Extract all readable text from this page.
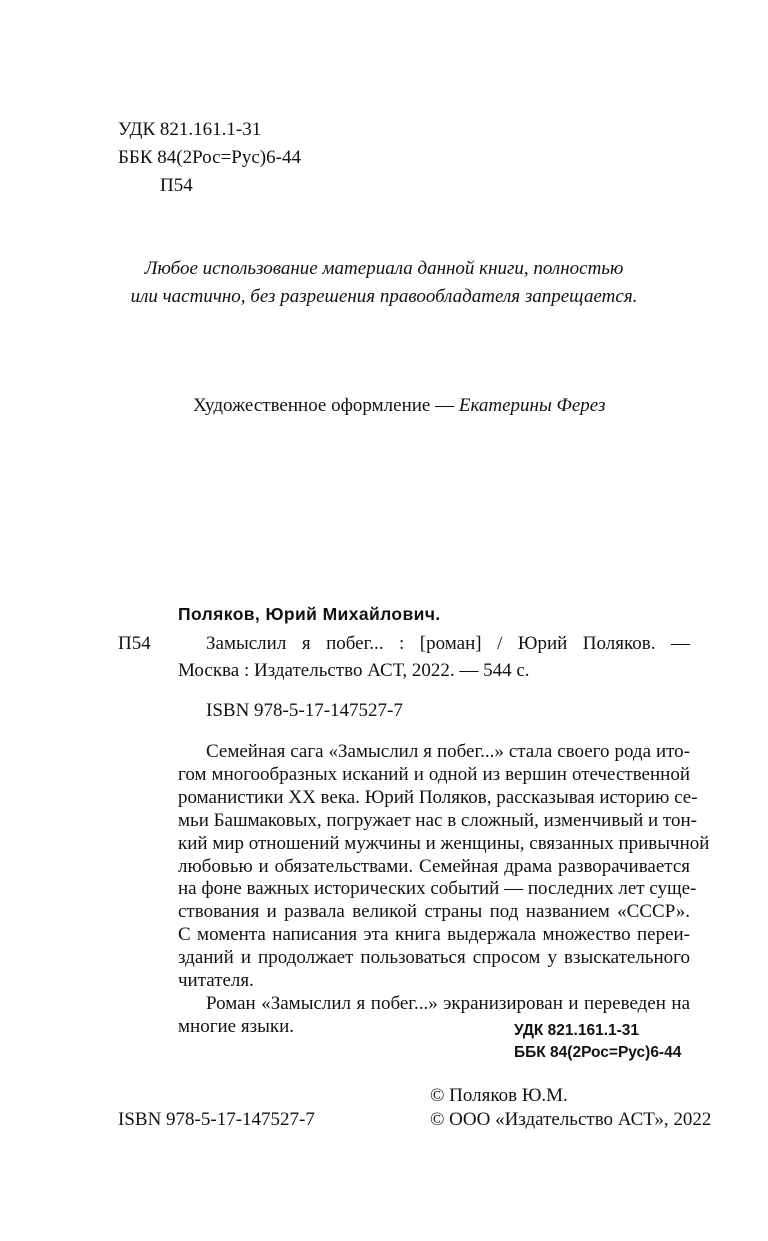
УДК 821.161.1-31
ББК 84(2Рос=Рус)6-44
П54
Любое использование материала данной книги, полностью
или частично, без разрешения правообладателя запрещается.
Художественное оформление — Екатерины Ферез
Поляков, Юрий Михайлович.
П54	Замыслил я побег... : [роман] / Юрий Поляков. —
Москва : Издательство АСТ, 2022. — 544 с.
ISBN 978-5-17-147527-7
Семейная сага «Замыслил я побег...» стала своего рода ито-
гом многообразных исканий и одной из вершин отечественной
романистики XX века. Юрий Поляков, рассказывая историю се-
мьи Башмаковых, погружает нас в сложный, изменчивый и тон-
кий мир отношений мужчины и женщины, связанных привычной
любовью и обязательствами. Семейная драма разворачивается
на фоне важных исторических событий — последних лет суще-
ствования и развала великой страны под названием «СССР».
С момента написания эта книга выдержала множество переи-
зданий и продолжает пользоваться спросом у взыскательного
читателя.
Роман «Замыслил я побег...» экранизирован и переведен на
многие языки.	УДК 821.161.1-31
ББК 84(2Рос=Рус)6-44
© Поляков Ю.М.
ISBN 978-5-17-147527-7	© ООО «Издательство АСТ», 2022
